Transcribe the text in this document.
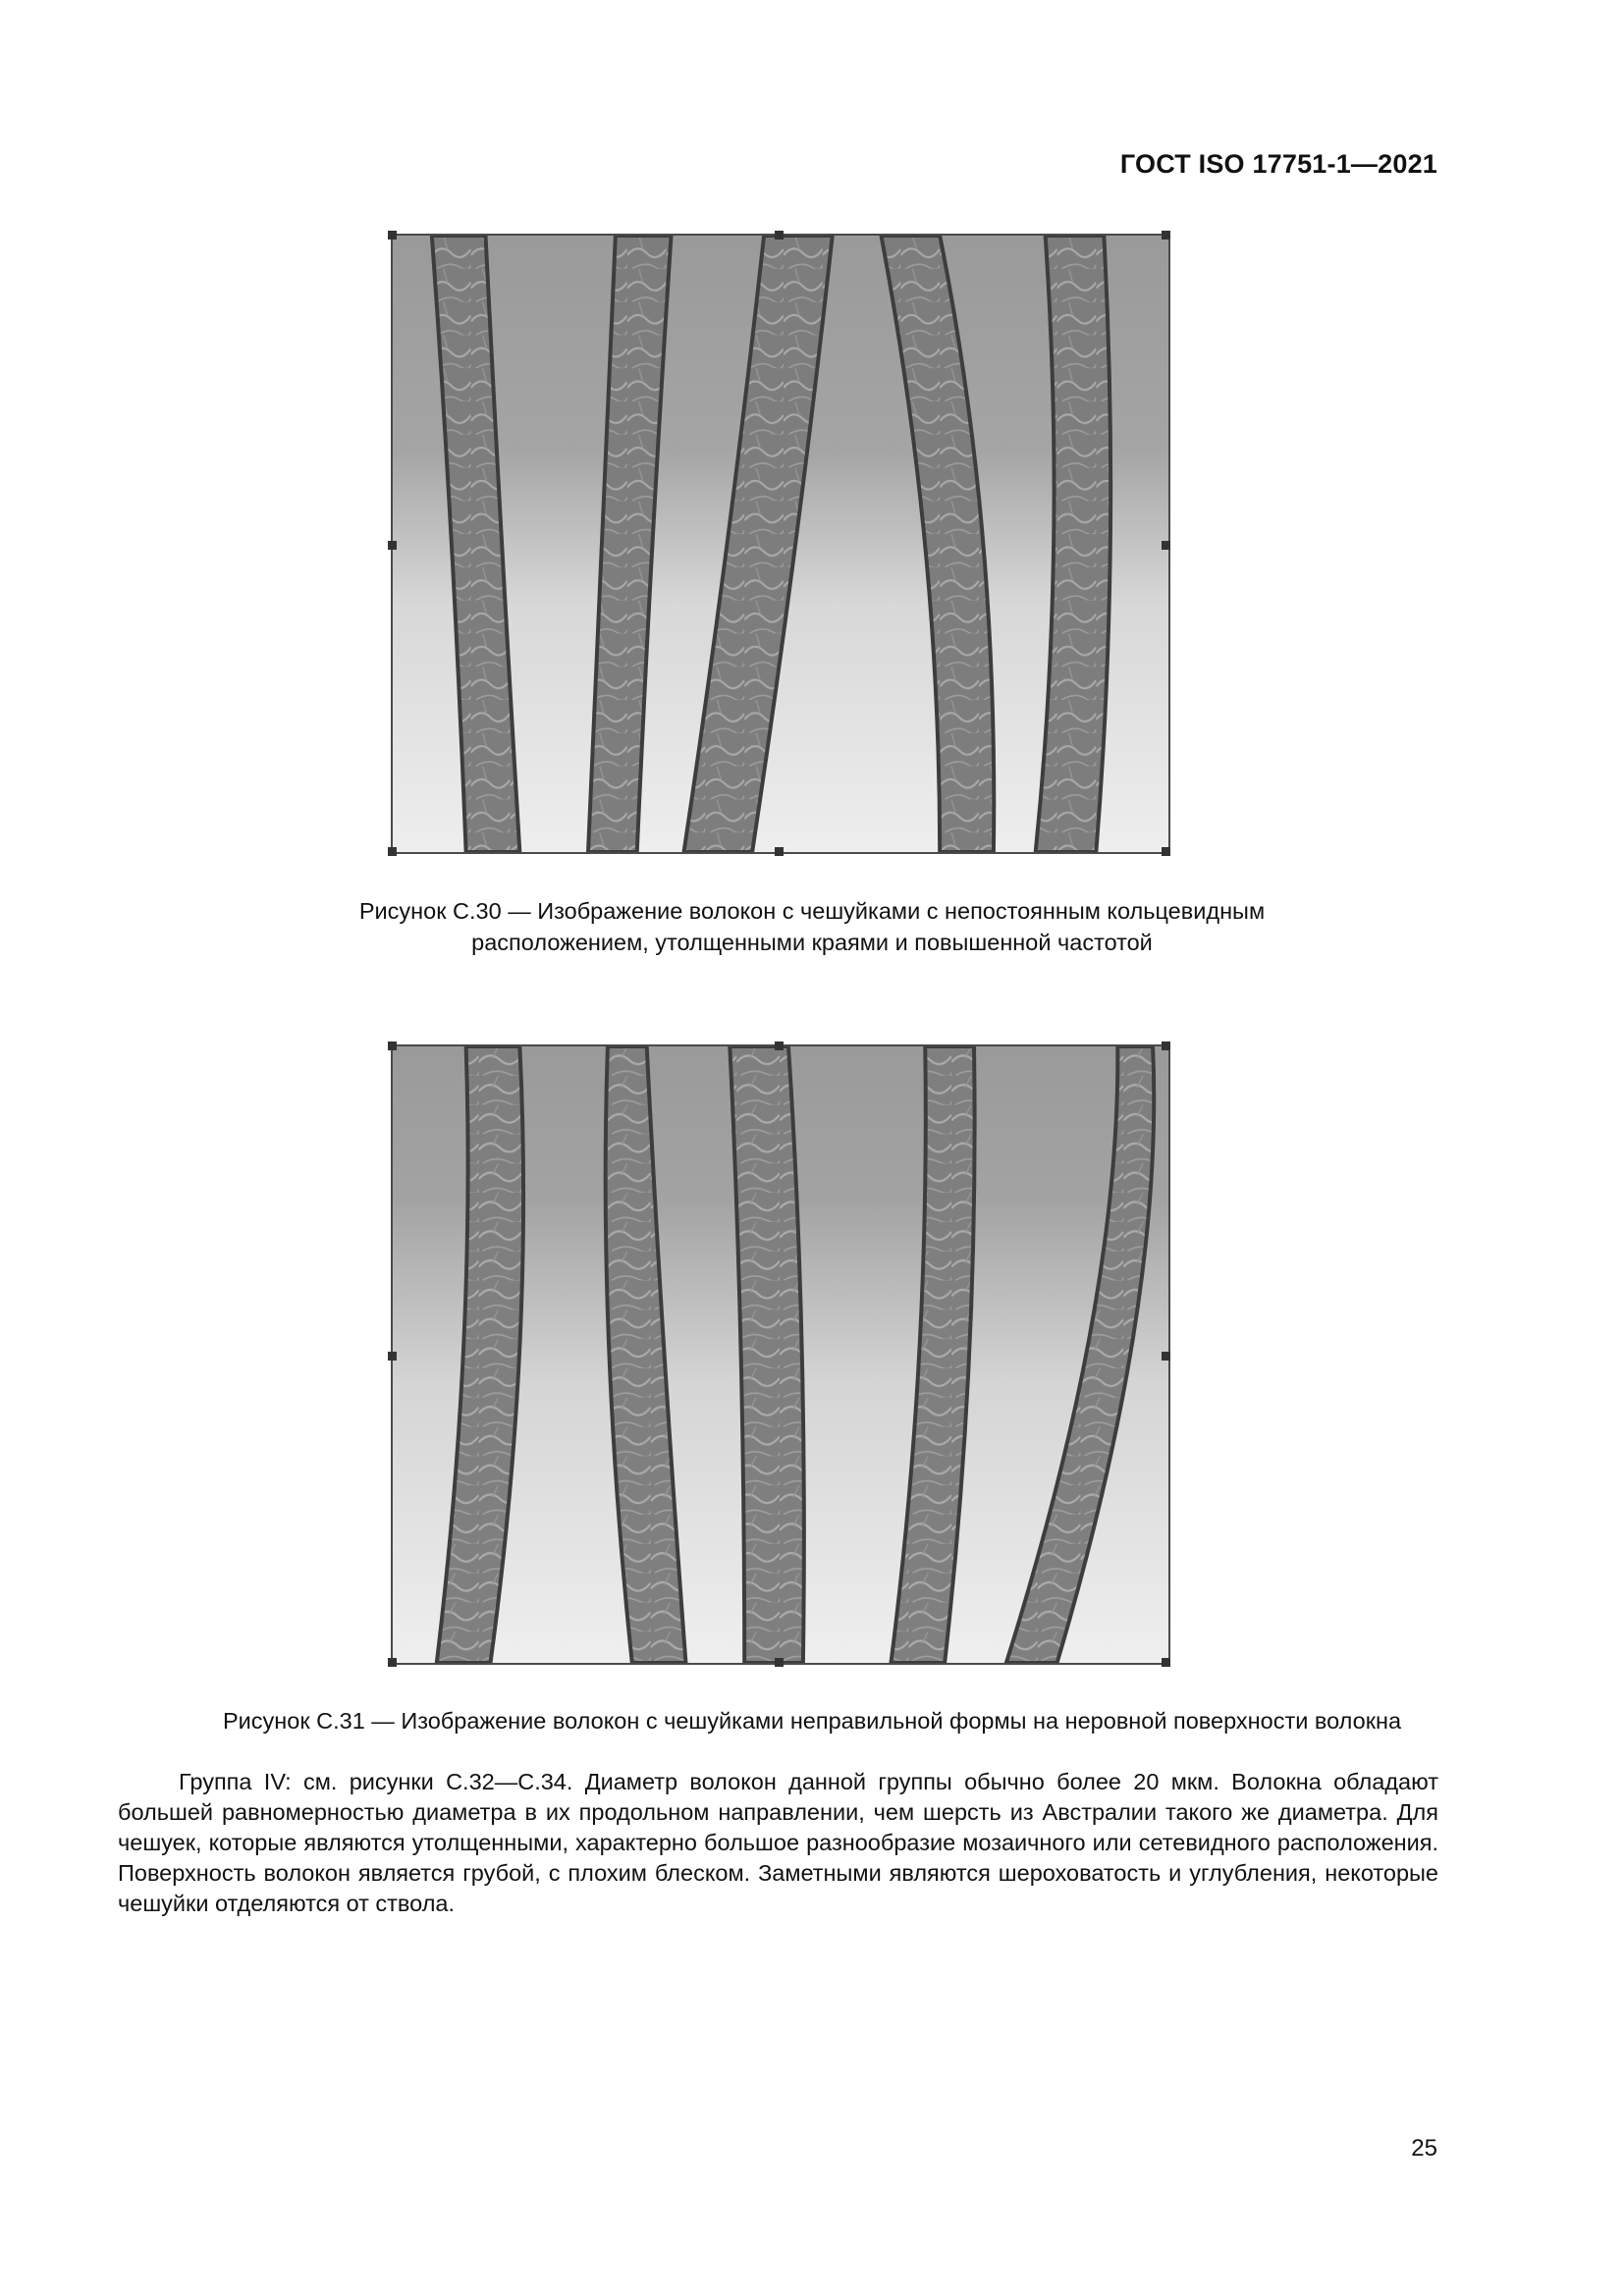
ГОСТ ISO 17751-1—2021
Рисунок С.30 — Изображение волокон с чешуйками с непостоянным кольцевидным
расположением, утолщенными краями и повышенной частотой
Рисунок С.31 — Изображение волокон с чешуйками неправильной формы на неровной поверхности волокна

Группа IV: см. рисунки С.32—С.34. Диаметр волокон данной группы обычно более 20 мкм. Волокна обладают большей равномерностью диаметра в их продольном направлении, чем шерсть из Австралии такого же диаметра. Для чешуек, которые являются утолщенными, характерно большое разнообразие мозаичного или сетевидного расположения. Поверхность волокон является грубой, с плохим блеском. Заметными являются шероховатость и углубления, некоторые чешуйки отделяются от ствола.

25
